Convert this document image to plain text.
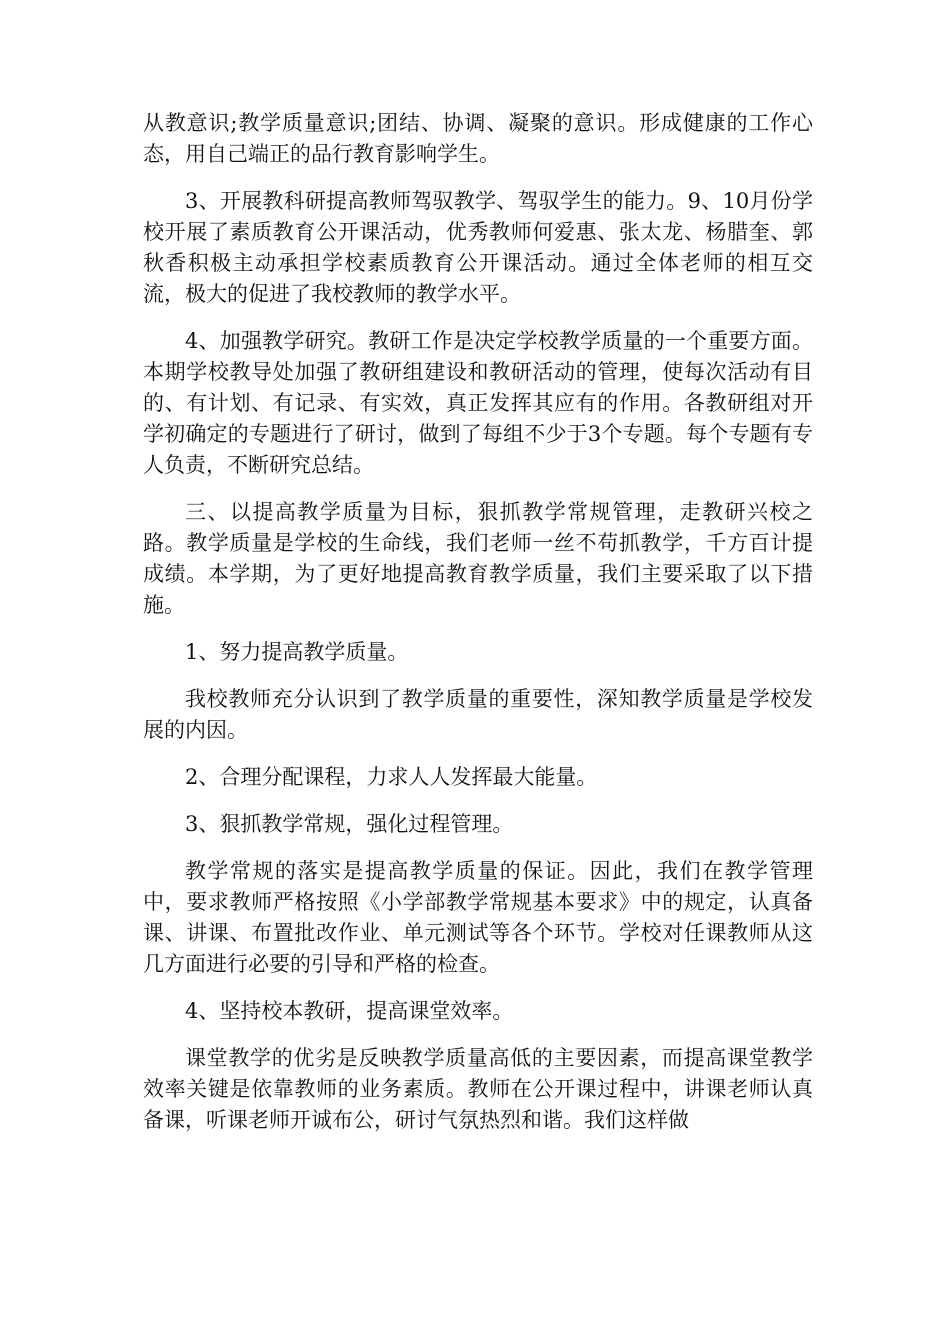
从教意识;教学质量意识;团结、协调、凝聚的意识。形成健康的工作心态，用自己端正的品行教育影响学生。

3、开展教科研提高教师驾驭教学、驾驭学生的能力。9、10月份学校开展了素质教育公开课活动，优秀教师何爱惠、张太龙、杨腊奎、郭秋香积极主动承担学校素质教育公开课活动。通过全体老师的相互交流，极大的促进了我校教师的教学水平。

4、加强教学研究。教研工作是决定学校教学质量的一个重要方面。本期学校教导处加强了教研组建设和教研活动的管理，使每次活动有目的、有计划、有记录、有实效，真正发挥其应有的作用。各教研组对开学初确定的专题进行了研讨，做到了每组不少于3个专题。每个专题有专人负责，不断研究总结。

三、以提高教学质量为目标，狠抓教学常规管理，走教研兴校之路。教学质量是学校的生命线，我们老师一丝不苟抓教学，千方百计提成绩。本学期，为了更好地提高教育教学质量，我们主要采取了以下措施。

1、努力提高教学质量。

我校教师充分认识到了教学质量的重要性，深知教学质量是学校发展的内因。

2、合理分配课程，力求人人发挥最大能量。

3、狠抓教学常规，强化过程管理。

教学常规的落实是提高教学质量的保证。因此，我们在教学管理中，要求教师严格按照《小学部教学常规基本要求》中的规定，认真备课、讲课、布置批改作业、单元测试等各个环节。学校对任课教师从这几方面进行必要的引导和严格的检查。

4、坚持校本教研，提高课堂效率。

课堂教学的优劣是反映教学质量高低的主要因素，而提高课堂教学效率关键是依靠教师的业务素质。教师在公开课过程中，讲课老师认真备课，听课老师开诚布公，研讨气氛热烈和谐。我们这样做
